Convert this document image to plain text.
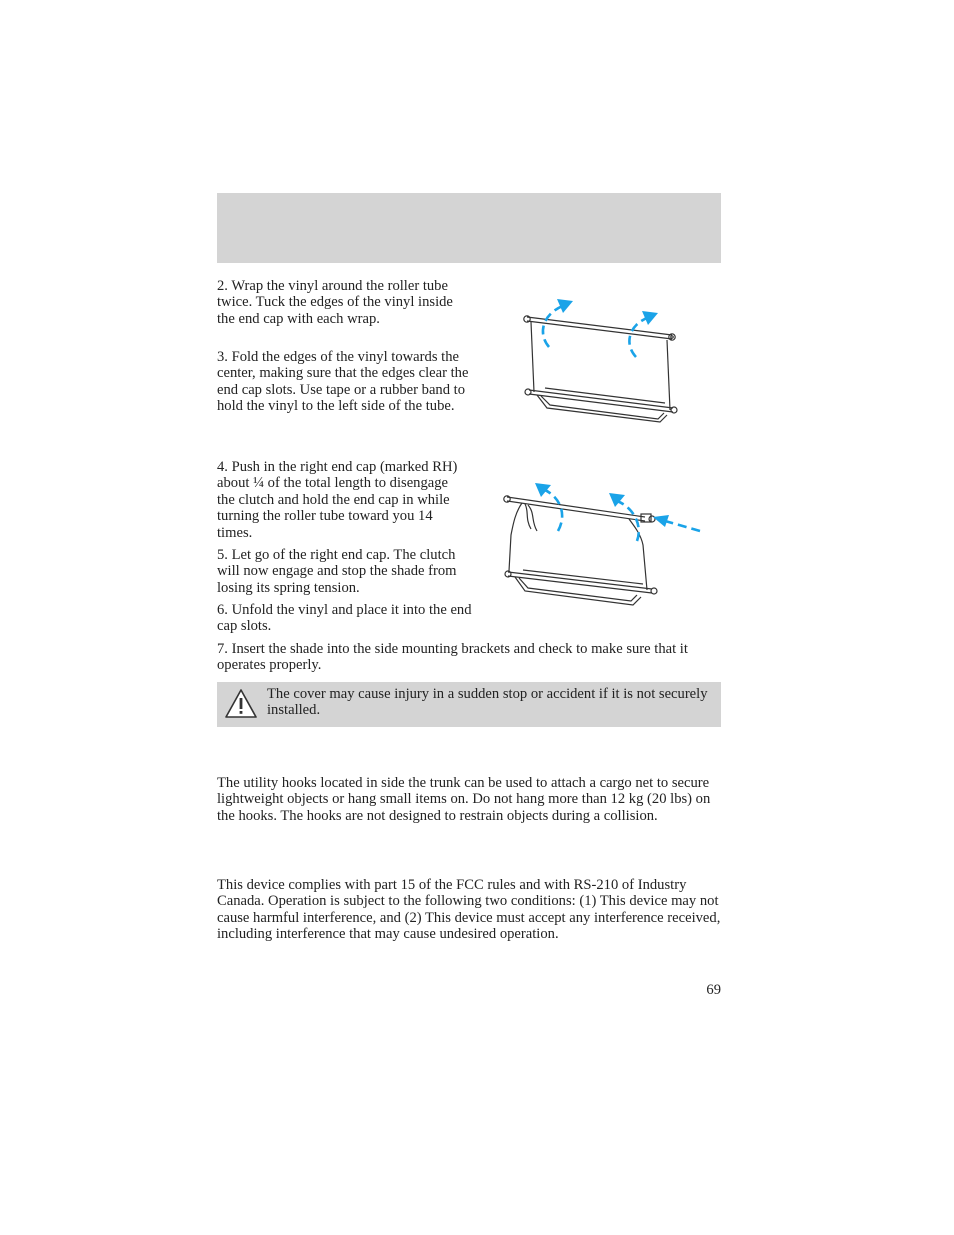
2. Wrap the vinyl around the roller tube twice. Tuck the edges of the vinyl inside the end cap with each wrap.

3. Fold the edges of the vinyl towards the center, making sure that the edges clear the end cap slots. Use tape or a rubber band to hold the vinyl to the left side of the tube.

4. Push in the right end cap (marked RH) about ¼ of the total length to disengage the clutch and hold the end cap in while turning the roller tube toward you 14 times.

5. Let go of the right end cap. The clutch will now engage and stop the shade from losing its spring tension.

6. Unfold the vinyl and place it into the end cap slots.

7. Insert the shade into the side mounting brackets and check to make sure that it operates properly.

The cover may cause injury in a sudden stop or accident if it is not securely installed.

The utility hooks located in side the trunk can be used to attach a cargo net to secure lightweight objects or hang small items on. Do not hang more than 12 kg (20 lbs) on the hooks. The hooks are not designed to restrain objects during a collision.

This device complies with part 15 of the FCC rules and with RS-210 of Industry Canada. Operation is subject to the following two conditions: (1) This device may not cause harmful interference, and (2) This device must accept any interference received, including interference that may cause undesired operation.

69
